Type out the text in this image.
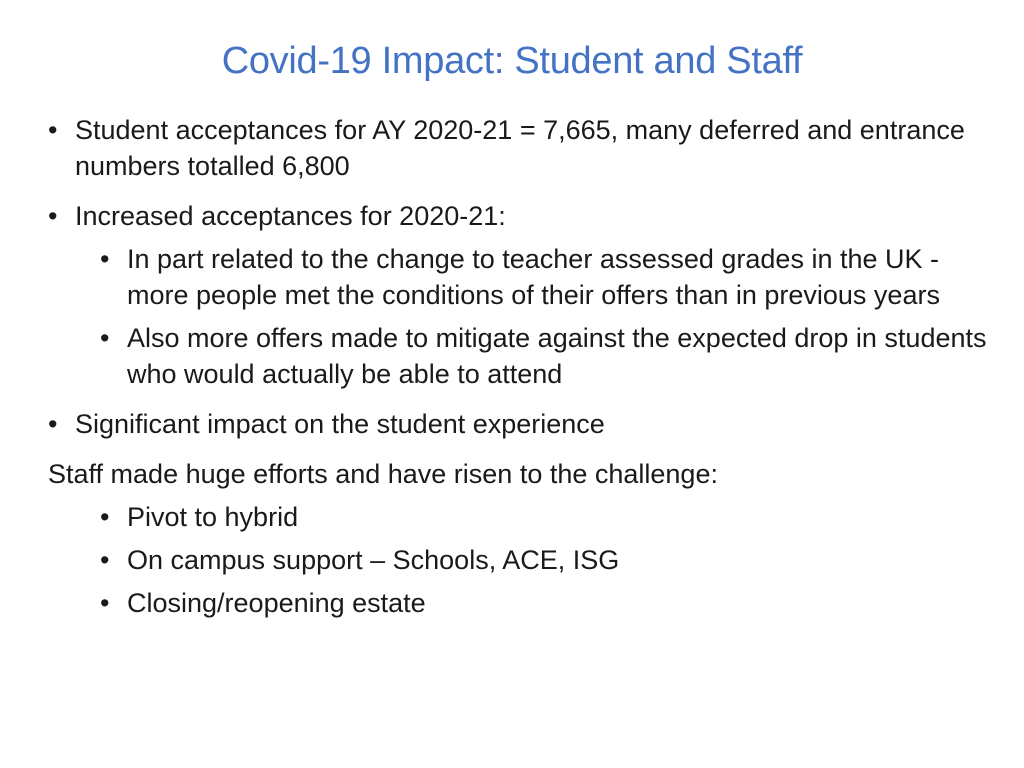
Covid-19 Impact: Student and Staff
• Student acceptances for AY 2020-21 = 7,665, many deferred and entrance numbers totalled 6,800
• Increased acceptances for 2020-21:
• In part related to the change to teacher assessed grades in the UK - more people met the conditions of their offers than in previous years
• Also more offers made to mitigate against the expected drop in students who would actually be able to attend
• Significant impact on the student experience
Staff made huge efforts and have risen to the challenge:
• Pivot to hybrid
• On campus support – Schools, ACE, ISG
• Closing/reopening estate
